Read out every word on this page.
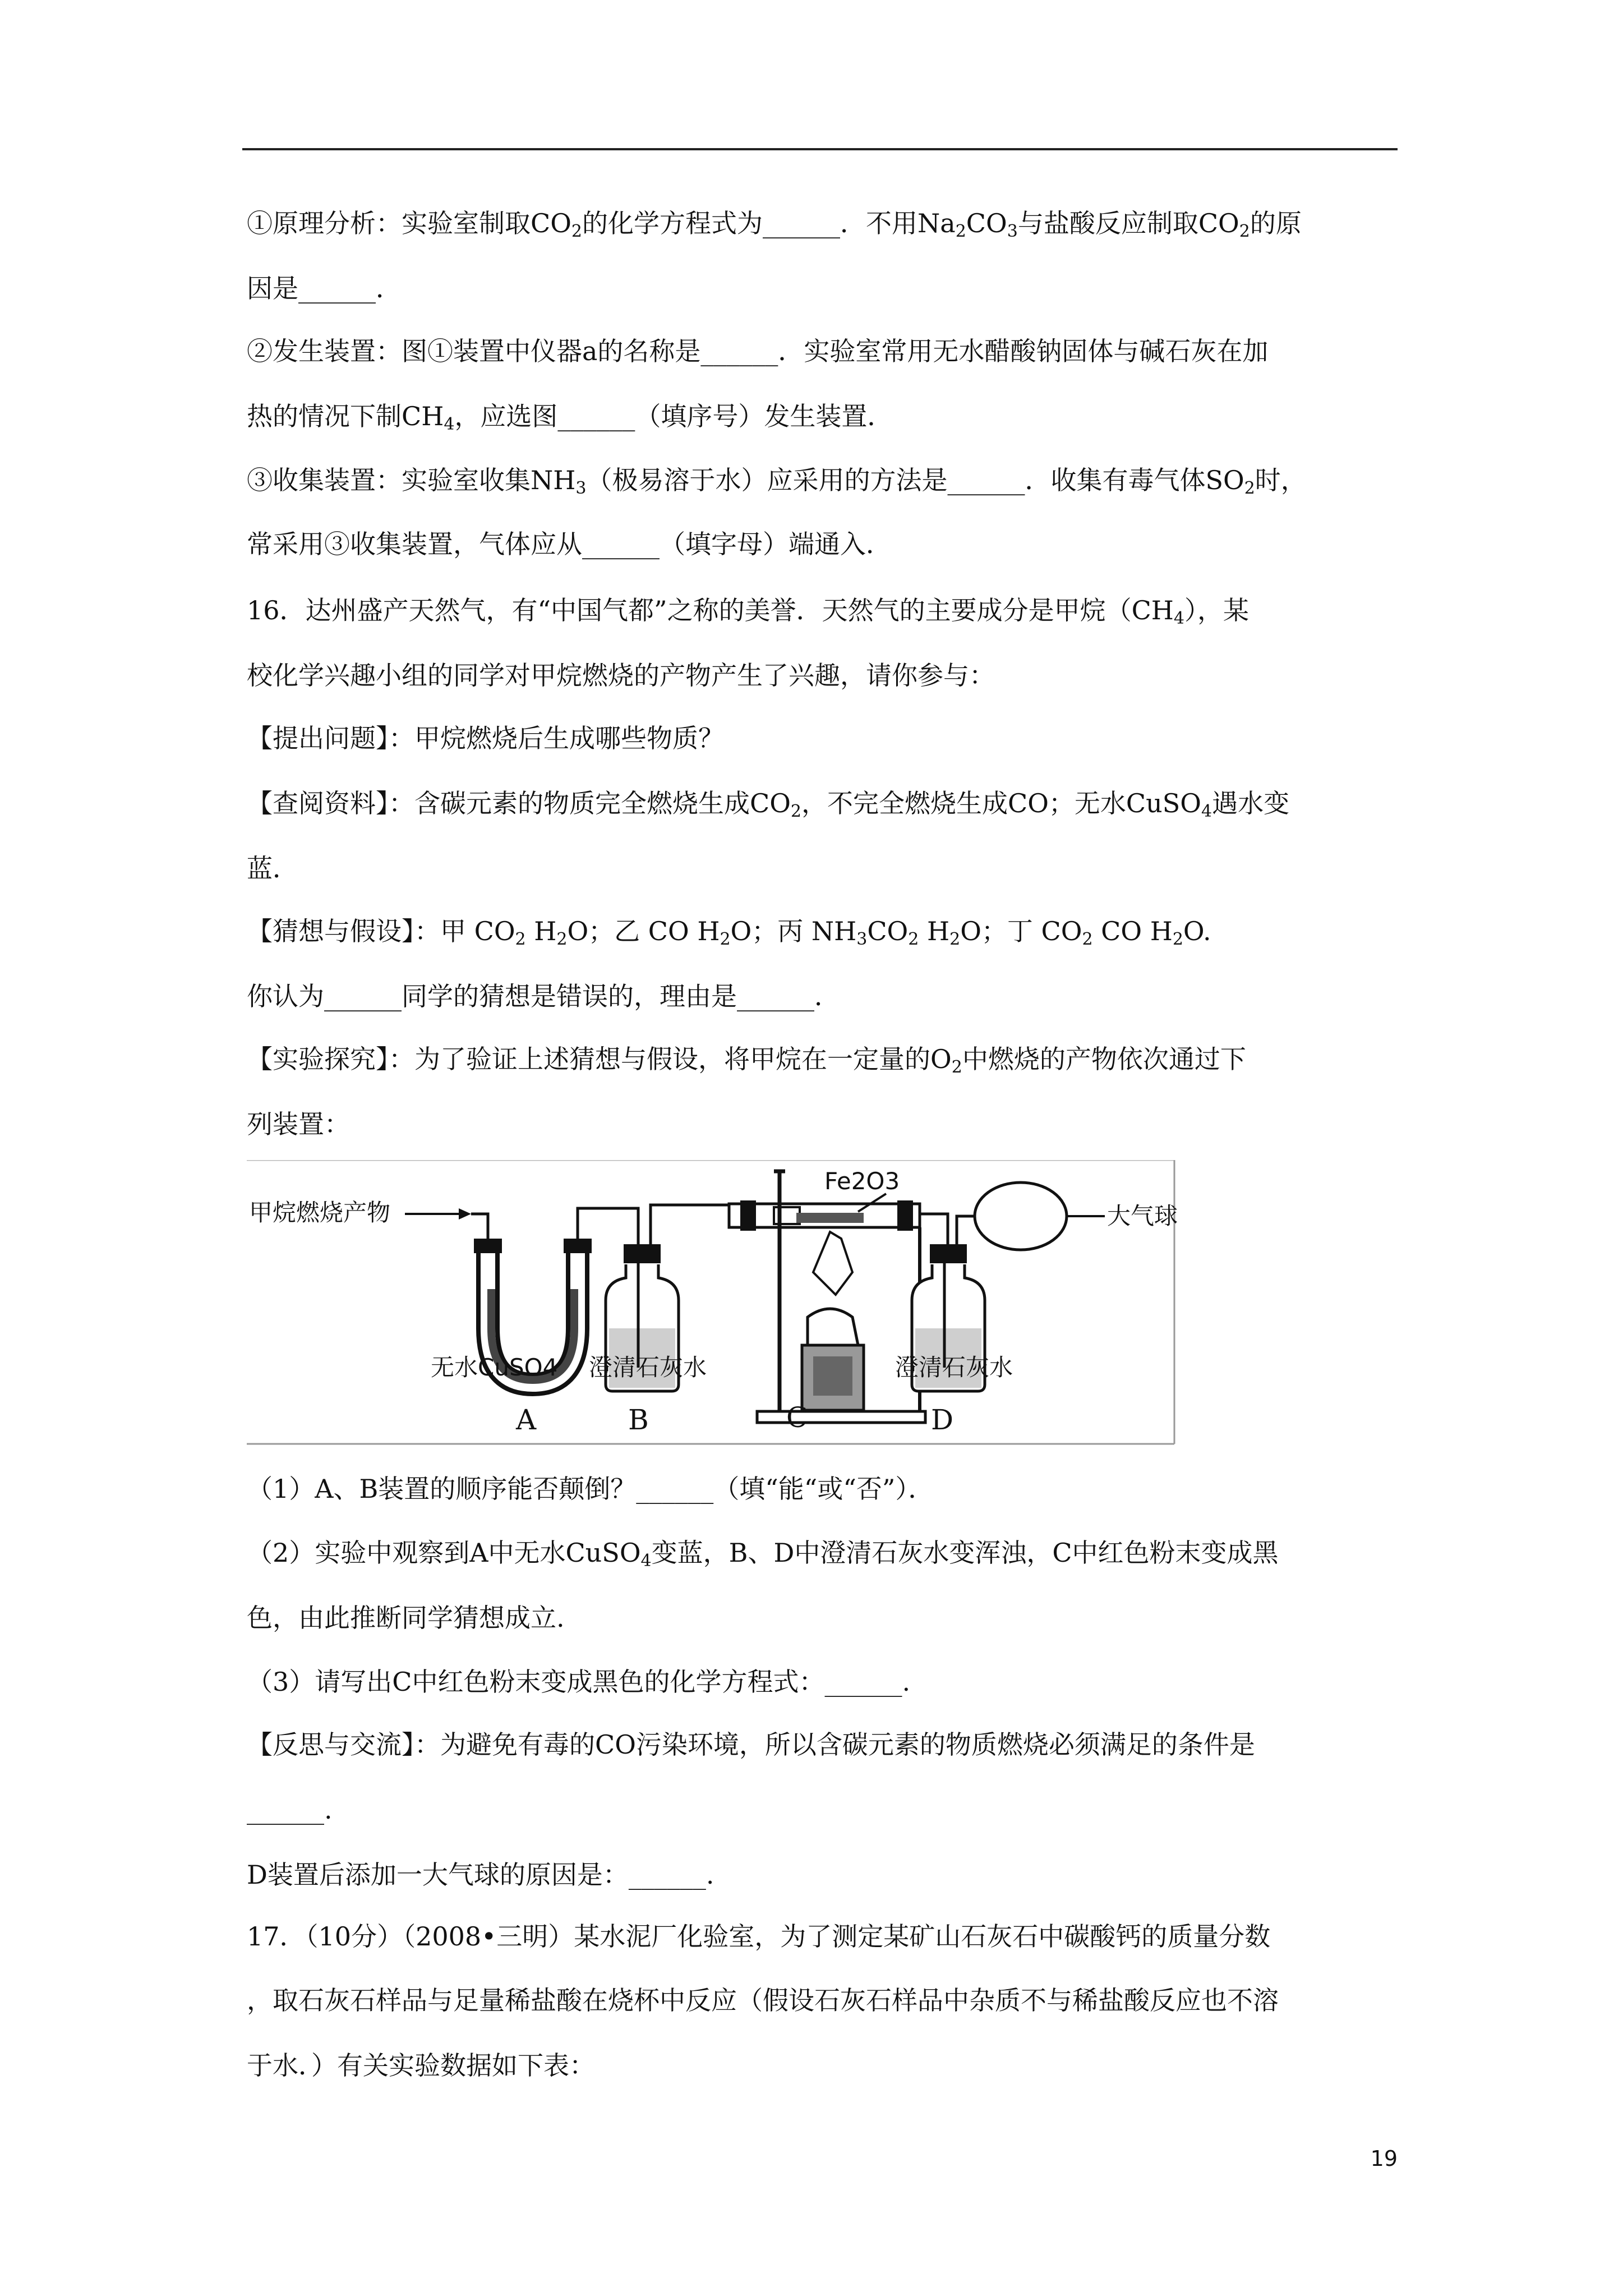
①原理分析：实验室制取$CO_2$的化学方程式为______．不用$Na_2CO_3$与盐酸反应制取$CO_2$的原
因是______．
②发生装置：图①装置中仪器a的名称是______．实验室常用无水醋酸钠固体与碱石灰在加
热的情况下制$CH_4$，应选图______（填序号）发生装置．
③收集装置：实验室收集$NH_3$（极易溶于水）应采用的方法是______．收集有毒气体$SO_2$时，
常采用③收集装置，气体应从______（填字母）端通入．
16．达州盛产天然气，有“中国气都”之称的美誉．天然气的主要成分是甲烷$(CH_4)$，某
校化学兴趣小组的同学对甲烷燃烧的产物产生了兴趣，请你参与：
【提出问题】：甲烷燃烧后生成哪些物质？
【查阅资料】：含碳元素的物质完全燃烧生成$CO_2$，不完全燃烧生成CO；无水CuSO$_4$遇水变
蓝．
【猜想与假设】：甲 $CO_2$ $H_2O$；乙 CO $H_2O$；丙 $NH_3CO_2$ $H_2O$；丁 $CO_2$ CO $H_2O$.
你认为______同学的猜想是错误的，理由是______．
【实验探究】：为了验证上述猜想与假设，将甲烷在一定量的$O_2$中燃烧的产物依次通过下
列装置：
（1）A、B装置的顺序能否颠倒？______（填“能“或“否”）．
（2）实验中观察到A中无水CuSO$_4$变蓝，B、D中澄清石灰水变浑浊，C中红色粉末变成黑
色，由此推断同学猜想成立.
（3）请写出C中红色粉末变成黑色的化学方程式：______.
【反思与交流】：为避免有毒的CO污染环境，所以含碳元素的物质燃烧必须满足的条件是
______.
D装置后添加一大气球的原因是：______.
17．（10分）（2008•三明）某水泥厂化验室，为了测定某矿山石灰石中碳酸钙的质量分数
，取石灰石样品与足量稀盐酸在烧杯中反应（假设石灰石样品中杂质不与稀盐酸反应也不溶
于水．）有关实验数据如下表：
甲烷燃烧产物
Fe2O3
大气球
无水CuSO4 澄清石灰水	澄清石灰水
A	B	C	D
19
